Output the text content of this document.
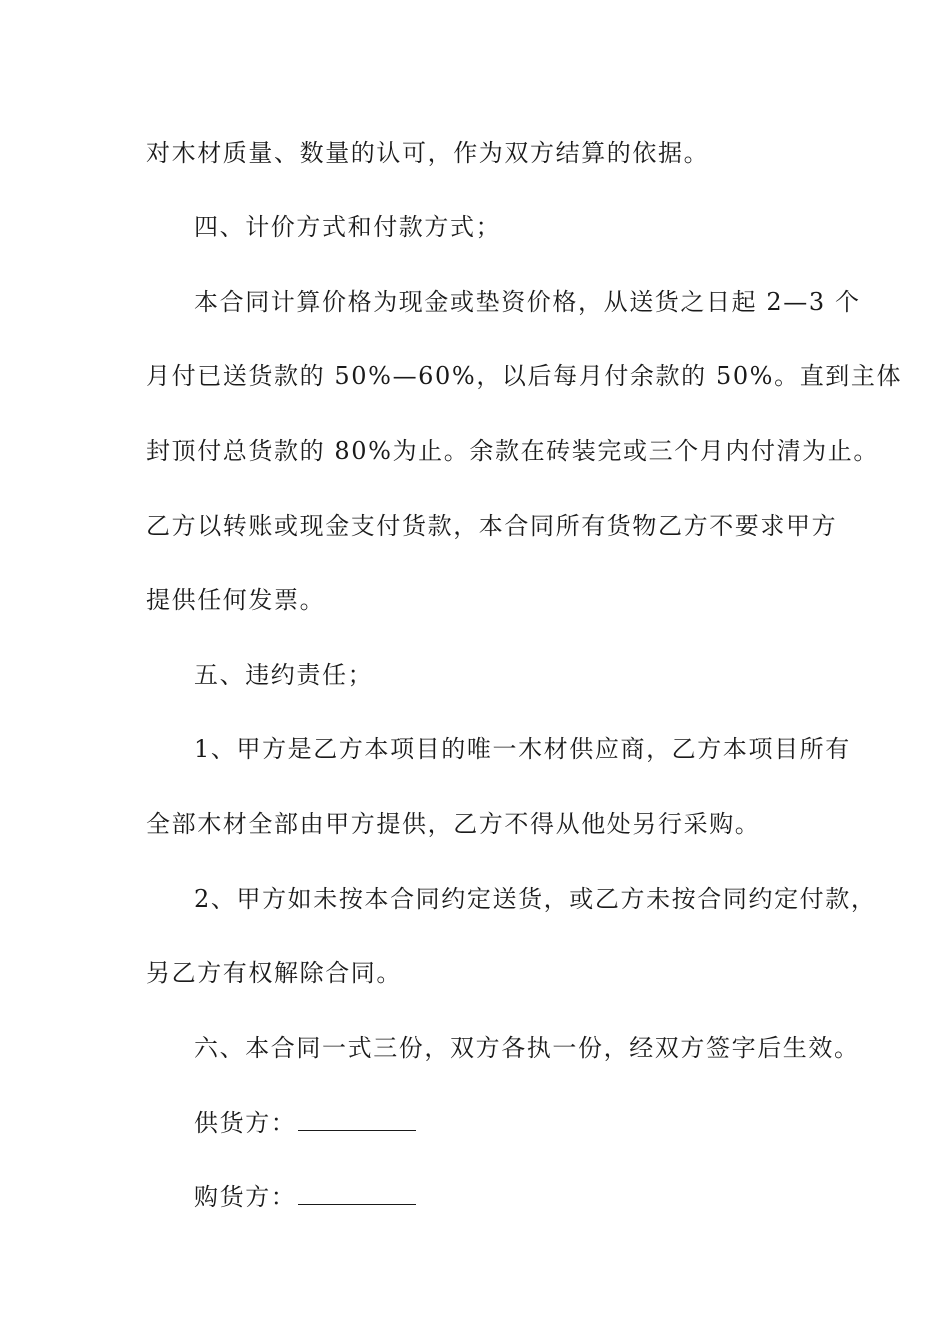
对木材质量、数量的认可，作为双方结算的依据。
四、计价方式和付款方式；
本合同计算价格为现金或垫资价格，从送货之日起 2—3 个
月付已送货款的 50%—60%，以后每月付余款的 50%。直到主体
封顶付总货款的 80%为止。余款在砖装完或三个月内付清为止。
乙方以转账或现金支付货款，本合同所有货物乙方不要求甲方
提供任何发票。
五、违约责任；
1、甲方是乙方本项目的唯一木材供应商，乙方本项目所有
全部木材全部由甲方提供，乙方不得从他处另行采购。
2、甲方如未按本合同约定送货，或乙方未按合同约定付款，
另乙方有权解除合同。
六、本合同一式三份，双方各执一份，经双方签字后生效。
供货方：
购货方：
